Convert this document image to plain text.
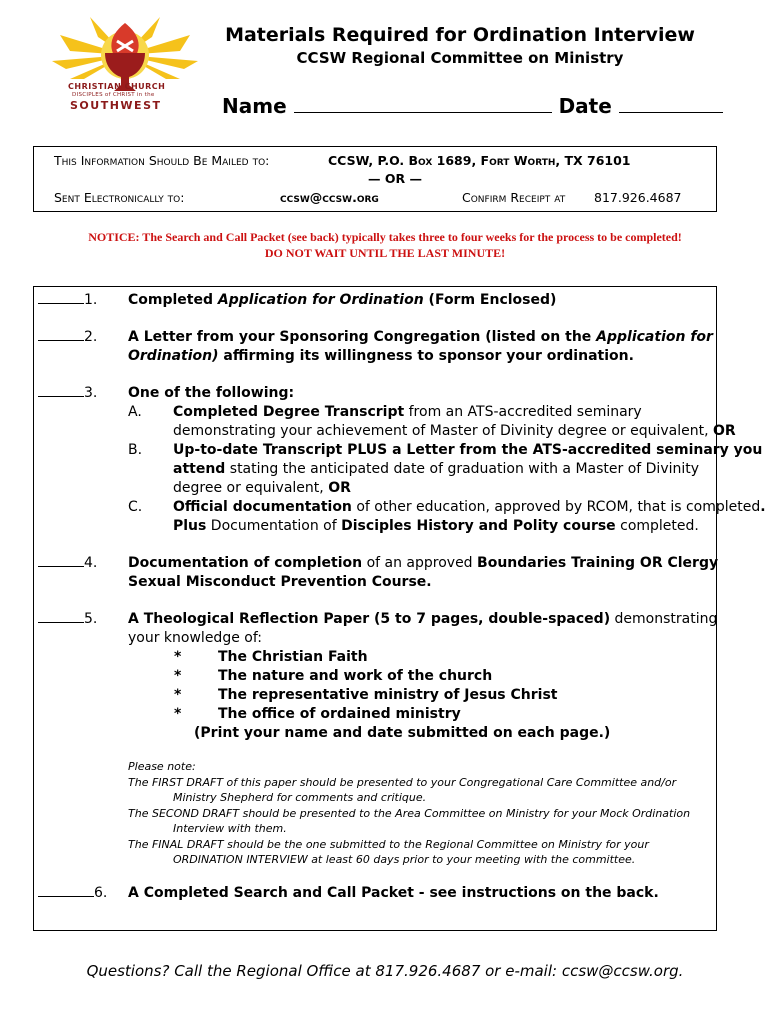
CHRISTIAN CHURCH
DISCIPLES of CHRIST in the
SOUTHWEST
Materials Required for Ordination Interview
CCSW Regional Committee on Ministry
Name	Date
This Information Should Be Mailed to:	CCSW, P.O. Box 1689, Fort Worth, TX 76101
— OR —
Sent Electronically to:	ccsw@ccsw.org	Confirm Receipt at 817.926.4687
NOTICE: The Search and Call Packet (see back) typically takes three to four weeks for the process to be completed!
DO NOT WAIT UNTIL THE LAST MINUTE!
1. Completed Application for Ordination (Form Enclosed)
2. A Letter from your Sponsoring Congregation (listed on the Application for
Ordination) affirming its willingness to sponsor your ordination.
3. One of the following:
A. Completed Degree Transcript from an ATS-accredited seminary
demonstrating your achievement of Master of Divinity degree or equivalent, OR
B. Up-to-date Transcript PLUS a Letter from the ATS-accredited seminary you
attend stating the anticipated date of graduation with a Master of Divinity
degree or equivalent, OR
C. Official documentation of other education, approved by RCOM, that is completed.
Plus Documentation of Disciples History and Polity course completed.
4. Documentation of completion of an approved Boundaries Training OR Clergy
Sexual Misconduct Prevention Course.
5. A Theological Reflection Paper (5 to 7 pages, double-spaced) demonstrating
your knowledge of:
*	The Christian Faith
*	The nature and work of the church
*	The representative ministry of Jesus Christ
*	The office of ordained ministry
(Print your name and date submitted on each page.)
Please note:
The FIRST DRAFT of this paper should be presented to your Congregational Care Committee and/or
Ministry Shepherd for comments and critique.
The SECOND DRAFT should be presented to the Area Committee on Ministry for your Mock Ordination
Interview with them.
The FINAL DRAFT should be the one submitted to the Regional Committee on Ministry for your
ORDINATION INTERVIEW at least 60 days prior to your meeting with the committee.
6. A Completed Search and Call Packet - see instructions on the back.
Questions? Call the Regional Office at 817.926.4687 or e-mail: ccsw@ccsw.org.
